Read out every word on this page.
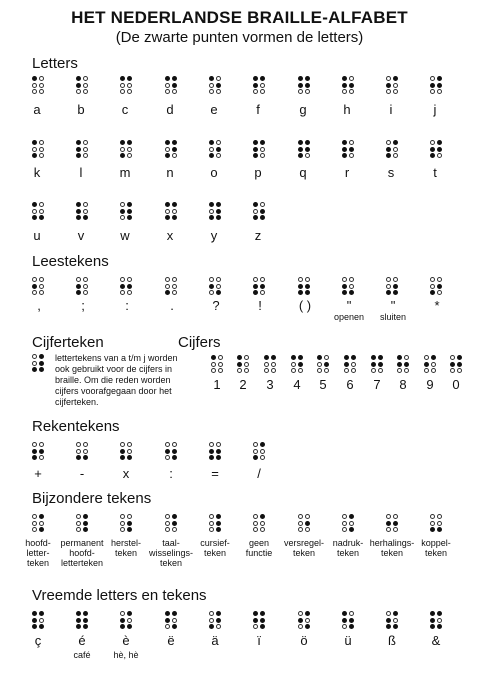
HET NEDERLANDSE BRAILLE-ALFABET
(De zwarte punten vormen de letters)
Letters
Leestekens
Cijferteken	Cijfers
Rekentekens
Bijzondere tekens
Vreemde letters en tekens
lettertekens van a t/m j worden ook gebruikt voor de cijfers in braille. Om die reden worden cijfers voorafgegaan door het cijferteken.
a	b	c	d	e	f	g	h	i	j
k	l	m	n	o	p	q	r	s	t
u	v	w	x	y	z
,	;	:	.	?	!	( )	"
openen
"
sluiten
*
1 2 3 4 5 6 7 8 9 0
+	-	x	:	=	/
hoofd-
letter-
teken
permanent
hoofd-
letterteken
herstel-
teken
taal-
wisselings-
teken
cursief-
teken
geen
functie
versregel-
teken
nadruk-
teken
herhalings-
teken
koppel-
teken
ç	é
café
è
hè, hè
ë	ä	ï	ö	ü	ß	&
